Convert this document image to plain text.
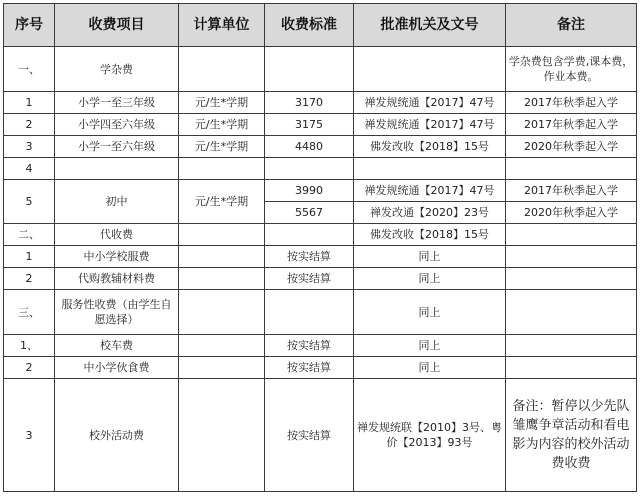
序号	收费项目	计算单位	收费标准	批准机关及文号	备注
一、	学杂费				学杂费包含学费,课本费，作业本费。
1	小学一至三年级	元/生*学期	3170	禅发规统通【2017】47号	2017年秋季起入学
2	小学四至六年级	元/生*学期	3175	禅发规统通【2017】47号	2017年秋季起入学
3	小学一至六年级	元/生*学期	4480	佛发改收【2018】15号	2020年秋季起入学
4					
5	初中	元/生*学期	3990	禅发规统通【2017】47号	2017年秋季起入学
			5567	禅发改通【2020】23号	2020年秋季起入学
二、	代收费			佛发改收【2018】15号	
1	中小学校服费		按实结算	同上	
2	代购教辅材料费		按实结算	同上	
三、	服务性收费（由学生自愿选择）			同上	
1、	校车费		按实结算	同上	
2	中小学伙食费		按实结算	同上	
3	校外活动费		按实结算	禅发规统联【2010】3号、粤价【2013】93号	备注：暂停以少先队雏鹰争章活动和看电影为内容的校外活动费收费
